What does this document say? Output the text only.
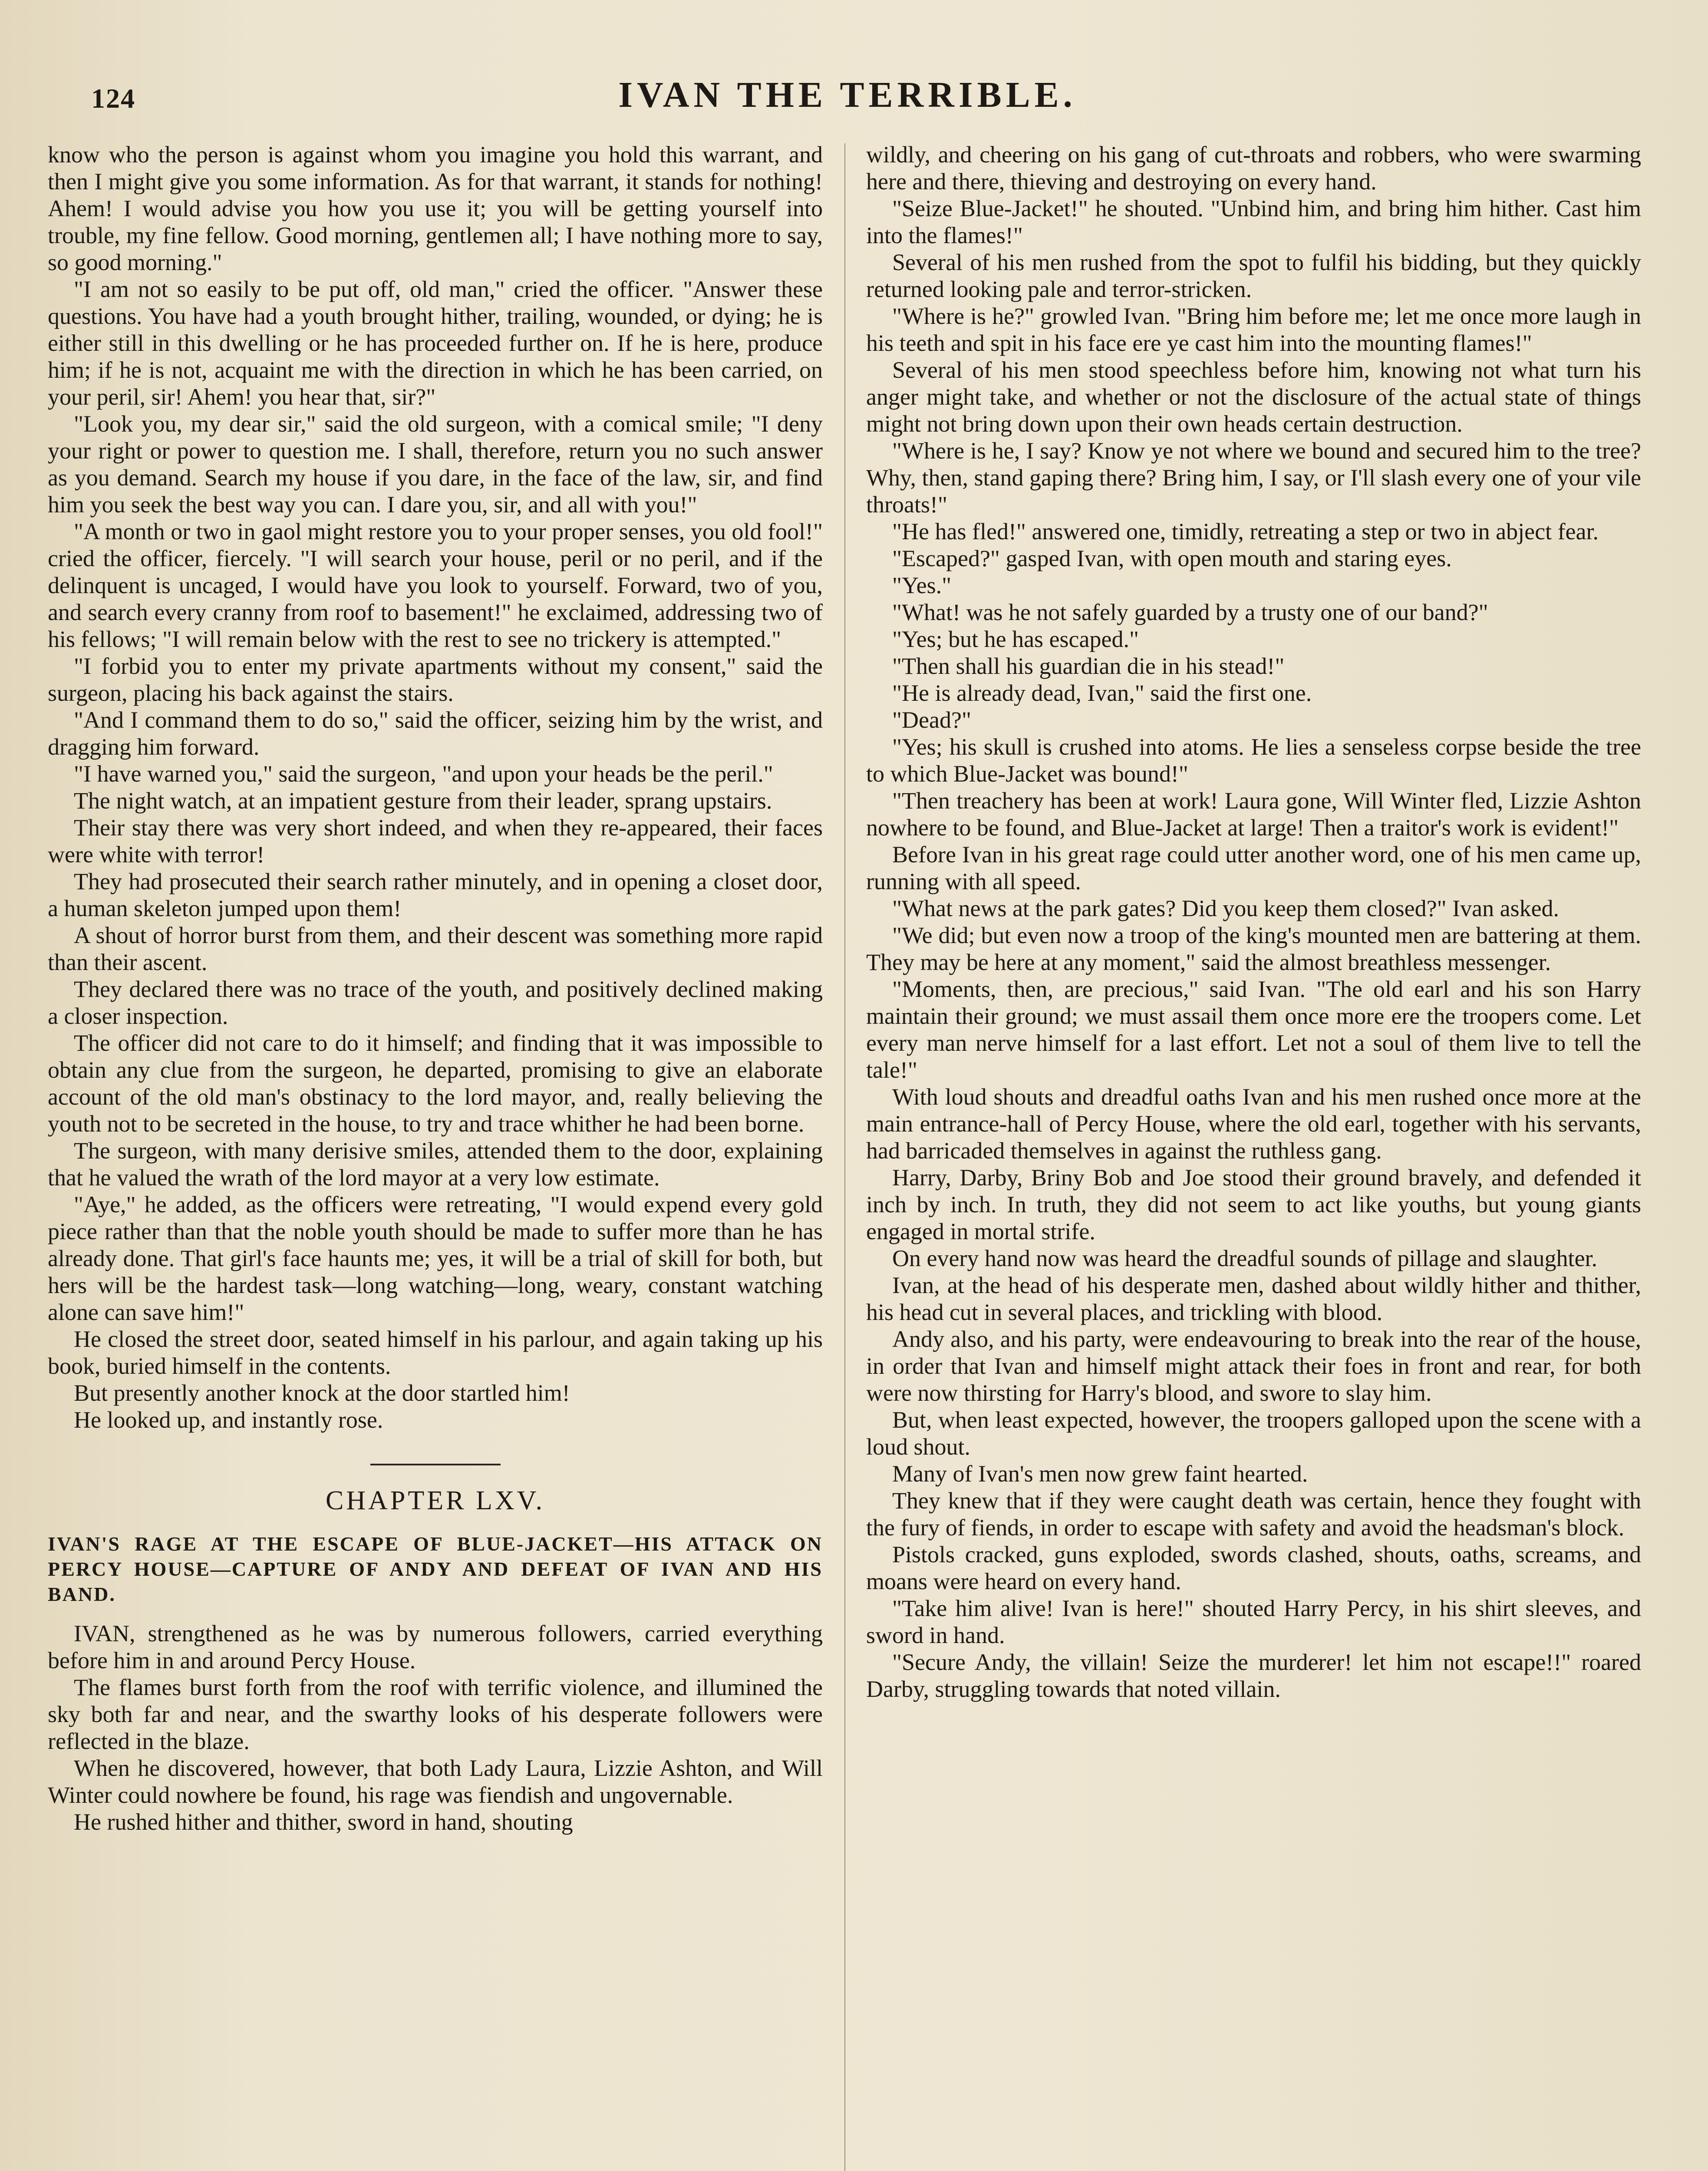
124	IVAN THE TERRIBLE.

know who the person is against whom you imagine you hold this warrant, and then I might give you some information. As for that warrant, it stands for nothing! Ahem! I would advise you how you use it; you will be getting yourself into trouble, my fine fellow. Good morning, gentlemen all; I have nothing more to say, so good morning."

"I am not so easily to be put off, old man," cried the officer. "Answer these questions. You have had a youth brought hither, trailing, wounded, or dying; he is either still in this dwelling or he has proceeded further on. If he is here, produce him; if he is not, acquaint me with the direction in which he has been carried, on your peril, sir! Ahem! you hear that, sir?"

"Look you, my dear sir," said the old surgeon, with a comical smile; "I deny your right or power to question me. I shall, therefore, return you no such answer as you demand. Search my house if you dare, in the face of the law, sir, and find him you seek the best way you can. I dare you, sir, and all with you!"

"A month or two in gaol might restore you to your proper senses, you old fool!" cried the officer, fiercely. "I will search your house, peril or no peril, and if the delinquent is uncaged, I would have you look to yourself. Forward, two of you, and search every cranny from roof to basement!" he exclaimed, addressing two of his fellows; "I will remain below with the rest to see no trickery is attempted."

"I forbid you to enter my private apartments without my consent," said the surgeon, placing his back against the stairs.

"And I command them to do so," said the officer, seizing him by the wrist, and dragging him forward.

"I have warned you," said the surgeon, "and upon your heads be the peril."

The night watch, at an impatient gesture from their leader, sprang upstairs.

Their stay there was very short indeed, and when they re-appeared, their faces were white with terror!

They had prosecuted their search rather minutely, and in opening a closet door, a human skeleton jumped upon them!

A shout of horror burst from them, and their descent was something more rapid than their ascent.

They declared there was no trace of the youth, and positively declined making a closer inspection.

The officer did not care to do it himself; and finding that it was impossible to obtain any clue from the surgeon, he departed, promising to give an elaborate account of the old man's obstinacy to the lord mayor, and, really believing the youth not to be secreted in the house, to try and trace whither he had been borne.

The surgeon, with many derisive smiles, attended them to the door, explaining that he valued the wrath of the lord mayor at a very low estimate.

"Aye," he added, as the officers were retreating, "I would expend every gold piece rather than that the noble youth should be made to suffer more than he has already done. That girl's face haunts me; yes, it will be a trial of skill for both, but hers will be the hardest task—long watching—long, weary, constant watching alone can save him!"

He closed the street door, seated himself in his parlour, and again taking up his book, buried himself in the contents.

But presently another knock at the door startled him!

He looked up, and instantly rose.

CHAPTER LXV.
IVAN'S RAGE AT THE ESCAPE OF BLUE-JACKET—HIS ATTACK ON PERCY HOUSE—CAPTURE OF ANDY AND DEFEAT OF IVAN AND HIS BAND.

IVAN, strengthened as he was by numerous followers, carried everything before him in and around Percy House.

The flames burst forth from the roof with terrific violence, and illumined the sky both far and near, and the swarthy looks of his desperate followers were reflected in the blaze.

When he discovered, however, that both Lady Laura, Lizzie Ashton, and Will Winter could nowhere be found, his rage was fiendish and ungovernable.

He rushed hither and thither, sword in hand, shouting

wildly, and cheering on his gang of cut-throats and robbers, who were swarming here and there, thieving and destroying on every hand.

"Seize Blue-Jacket!" he shouted. "Unbind him, and bring him hither. Cast him into the flames!"

Several of his men rushed from the spot to fulfil his bidding, but they quickly returned looking pale and terror-stricken.

"Where is he?" growled Ivan. "Bring him before me; let me once more laugh in his teeth and spit in his face ere ye cast him into the mounting flames!"

Several of his men stood speechless before him, knowing not what turn his anger might take, and whether or not the disclosure of the actual state of things might not bring down upon their own heads certain destruction.

"Where is he, I say? Know ye not where we bound and secured him to the tree? Why, then, stand gaping there? Bring him, I say, or I'll slash every one of your vile throats!"

"He has fled!" answered one, timidly, retreating a step or two in abject fear.

"Escaped?" gasped Ivan, with open mouth and staring eyes.

"Yes."

"What! was he not safely guarded by a trusty one of our band?"

"Yes; but he has escaped."

"Then shall his guardian die in his stead!"

"He is already dead, Ivan," said the first one.

"Dead?"

"Yes; his skull is crushed into atoms. He lies a senseless corpse beside the tree to which Blue-Jacket was bound!"

"Then treachery has been at work! Laura gone, Will Winter fled, Lizzie Ashton nowhere to be found, and Blue-Jacket at large! Then a traitor's work is evident!"

Before Ivan in his great rage could utter another word, one of his men came up, running with all speed.

"What news at the park gates? Did you keep them closed?" Ivan asked.

"We did; but even now a troop of the king's mounted men are battering at them. They may be here at any moment," said the almost breathless messenger.

"Moments, then, are precious," said Ivan. "The old earl and his son Harry maintain their ground; we must assail them once more ere the troopers come. Let every man nerve himself for a last effort. Let not a soul of them live to tell the tale!"

With loud shouts and dreadful oaths Ivan and his men rushed once more at the main entrance-hall of Percy House, where the old earl, together with his servants, had barricaded themselves in against the ruthless gang.

Harry, Darby, Briny Bob and Joe stood their ground bravely, and defended it inch by inch. In truth, they did not seem to act like youths, but young giants engaged in mortal strife.

On every hand now was heard the dreadful sounds of pillage and slaughter.

Ivan, at the head of his desperate men, dashed about wildly hither and thither, his head cut in several places, and trickling with blood.

Andy also, and his party, were endeavouring to break into the rear of the house, in order that Ivan and himself might attack their foes in front and rear, for both were now thirsting for Harry's blood, and swore to slay him.

But, when least expected, however, the troopers galloped upon the scene with a loud shout.

Many of Ivan's men now grew faint hearted.

They knew that if they were caught death was certain, hence they fought with the fury of fiends, in order to escape with safety and avoid the headsman's block.

Pistols cracked, guns exploded, swords clashed, shouts, oaths, screams, and moans were heard on every hand.

"Take him alive! Ivan is here!" shouted Harry Percy, in his shirt sleeves, and sword in hand.

"Secure Andy, the villain! Seize the murderer! let him not escape!!" roared Darby, struggling towards that noted villain.
